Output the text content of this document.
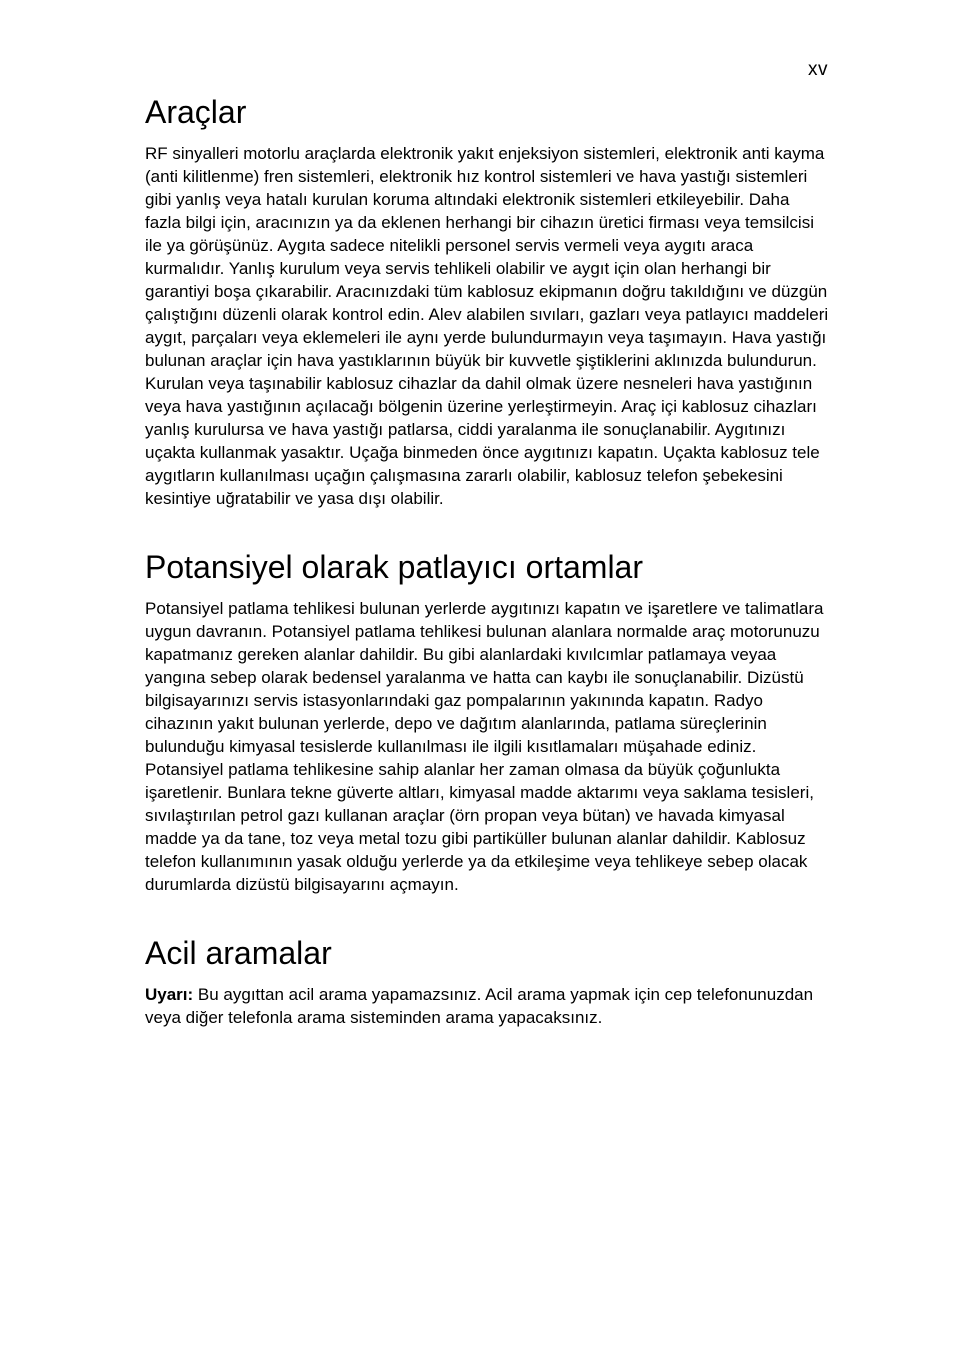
xv
Araçlar

RF sinyalleri motorlu araçlarda elektronik yakıt enjeksiyon sistemleri, elektronik anti kayma (anti kilitlenme) fren sistemleri, elektronik hız kontrol sistemleri ve hava yastığı sistemleri gibi yanlış veya hatalı kurulan koruma altındaki elektronik sistemleri etkileyebilir. Daha fazla bilgi için, aracınızın ya da eklenen herhangi bir cihazın üretici firması veya temsilcisi ile ya görüşünüz. Aygıta sadece nitelikli personel servis vermeli veya aygıtı araca kurmalıdır. Yanlış kurulum veya servis tehlikeli olabilir ve aygıt için olan herhangi bir garantiyi boşa çıkarabilir. Aracınızdaki tüm kablosuz ekipmanın doğru takıldığını ve düzgün çalıştığını düzenli olarak kontrol edin. Alev alabilen sıvıları, gazları veya patlayıcı maddeleri aygıt, parçaları veya eklemeleri ile aynı yerde bulundurmayın veya taşımayın. Hava yastığı bulunan araçlar için hava yastıklarının büyük bir kuvvetle şiştiklerini aklınızda bulundurun. Kurulan veya taşınabilir kablosuz cihazlar da dahil olmak üzere nesneleri hava yastığının veya hava yastığının açılacağı bölgenin üzerine yerleştirmeyin. Araç içi kablosuz cihazları yanlış kurulursa ve hava yastığı patlarsa, ciddi yaralanma ile sonuçlanabilir. Aygıtınızı uçakta kullanmak yasaktır. Uçağa binmeden önce aygıtınızı kapatın. Uçakta kablosuz tele aygıtların kullanılması uçağın çalışmasına zararlı olabilir, kablosuz telefon şebekesini kesintiye uğratabilir ve yasa dışı olabilir.

Potansiyel olarak patlayıcı ortamlar

Potansiyel patlama tehlikesi bulunan yerlerde aygıtınızı kapatın ve işaretlere ve talimatlara uygun davranın. Potansiyel patlama tehlikesi bulunan alanlara normalde araç motorunuzu kapatmanız gereken alanlar dahildir. Bu gibi alanlardaki kıvılcımlar patlamaya veyaa yangına sebep olarak bedensel yaralanma ve hatta can kaybı ile sonuçlanabilir. Dizüstü bilgisayarınızı servis istasyonlarındaki gaz pompalarının yakınında kapatın. Radyo cihazının yakıt bulunan yerlerde, depo ve dağıtım alanlarında, patlama süreçlerinin bulunduğu kimyasal tesislerde kullanılması ile ilgili kısıtlamaları müşahade ediniz. Potansiyel patlama tehlikesine sahip alanlar her zaman olmasa da büyük çoğunlukta işaretlenir. Bunlara tekne güverte altları, kimyasal madde aktarımı veya saklama tesisleri, sıvılaştırılan petrol gazı kullanan araçlar (örn propan veya bütan) ve havada kimyasal madde ya da tane, toz veya metal tozu gibi partiküller bulunan alanlar dahildir. Kablosuz telefon kullanımının yasak olduğu yerlerde ya da etkileşime veya tehlikeye sebep olacak durumlarda dizüstü bilgisayarını açmayın.

Acil aramalar

Uyarı: Bu aygıttan acil arama yapamazsınız. Acil arama yapmak için cep telefonunuzdan veya diğer telefonla arama sisteminden arama yapacaksınız.
